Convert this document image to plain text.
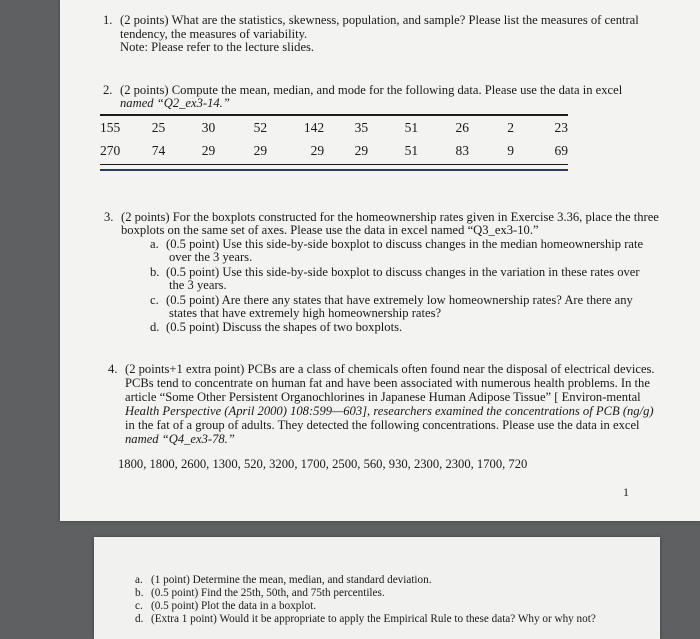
1. (2 points) What are the statistics, skewness, population, and sample? Please list the measures of central
tendency, the measures of variability.
Note: Please refer to the lecture slides.
2. (2 points) Compute the mean, median, and mode for the following data. Please use the data in excel
named “Q2_ex3-14.”
155	25	30	52	142	35	51	26	2	23
270	74	29	29	29	29	51	83	9	69
3. (2 points) For the boxplots constructed for the homeownership rates given in Exercise 3.36, place the three
boxplots on the same set of axes. Please use the data in excel named “Q3_ex3-10.”
a. (0.5 point) Use this side-by-side boxplot to discuss changes in the median homeownership rate
over the 3 years.
b. (0.5 point) Use this side-by-side boxplot to discuss changes in the variation in these rates over
the 3 years.
c. (0.5 point) Are there any states that have extremely low homeownership rates? Are there any
states that have extremely high homeownership rates?
d. (0.5 point) Discuss the shapes of two boxplots.
4. (2 points+1 extra point) PCBs are a class of chemicals often found near the disposal of electrical devices.
PCBs tend to concentrate on human fat and have been associated with numerous health problems. In the
article “Some Other Persistent Organochlorines in Japanese Human Adipose Tissue” [ Environ-mental
Health Perspective (April 2000) 108:599—603], researchers examined the concentrations of PCB (ng/g)
in the fat of a group of adults. They detected the following concentrations. Please use the data in excel
named “Q4_ex3-78.”
1800, 1800, 2600, 1300, 520, 3200, 1700, 2500, 560, 930, 2300, 2300, 1700, 720
1
a. (1 point) Determine the mean, median, and standard deviation.
b. (0.5 point) Find the 25th, 50th, and 75th percentiles.
c. (0.5 point) Plot the data in a boxplot.
d. (Extra 1 point) Would it be appropriate to apply the Empirical Rule to these data? Why or why not?
